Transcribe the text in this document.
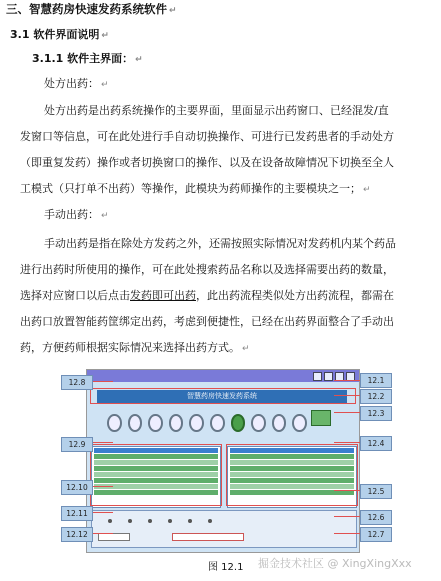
三、智慧药房快速发药系统软件 ↵
3.1 软件界面说明 ↵
3.1.1 软件主界面： ↵
处方出药： ↵
处方出药是出药系统操作的主要界面，里面显示出药窗口、已经混发/直
发窗口等信息，可在此处进行手自动切换操作、可进行已发药患者的手动处方
（即重复发药）操作或者切换窗口的操作、以及在设备故障情况下切换至全人
工模式（只打单不出药）等操作，此模块为药师操作的主要模块之一； ↵
手动出药： ↵
手动出药是指在除处方发药之外，还需按照实际情况对发药机内某个药品
进行出药时所使用的操作，可在此处搜索药品名称以及选择需要出药的数量，
选择对应窗口以后点击发药即可出药，此出药流程类似处方出药流程，都需在
出药口放置智能药筐绑定出药，考虑到便捷性，已经在出药界面整合了手动出
药，方便药师根据实际情况来选择出药方式。 ↵
智慧药房快速发药系统
12.8
12.9
12.10
12.11
12.12
12.1
12.2
12.3
12.4
12.5
12.6
12.7
图 12.1 掘金技术社区 @ XingXingXxx
